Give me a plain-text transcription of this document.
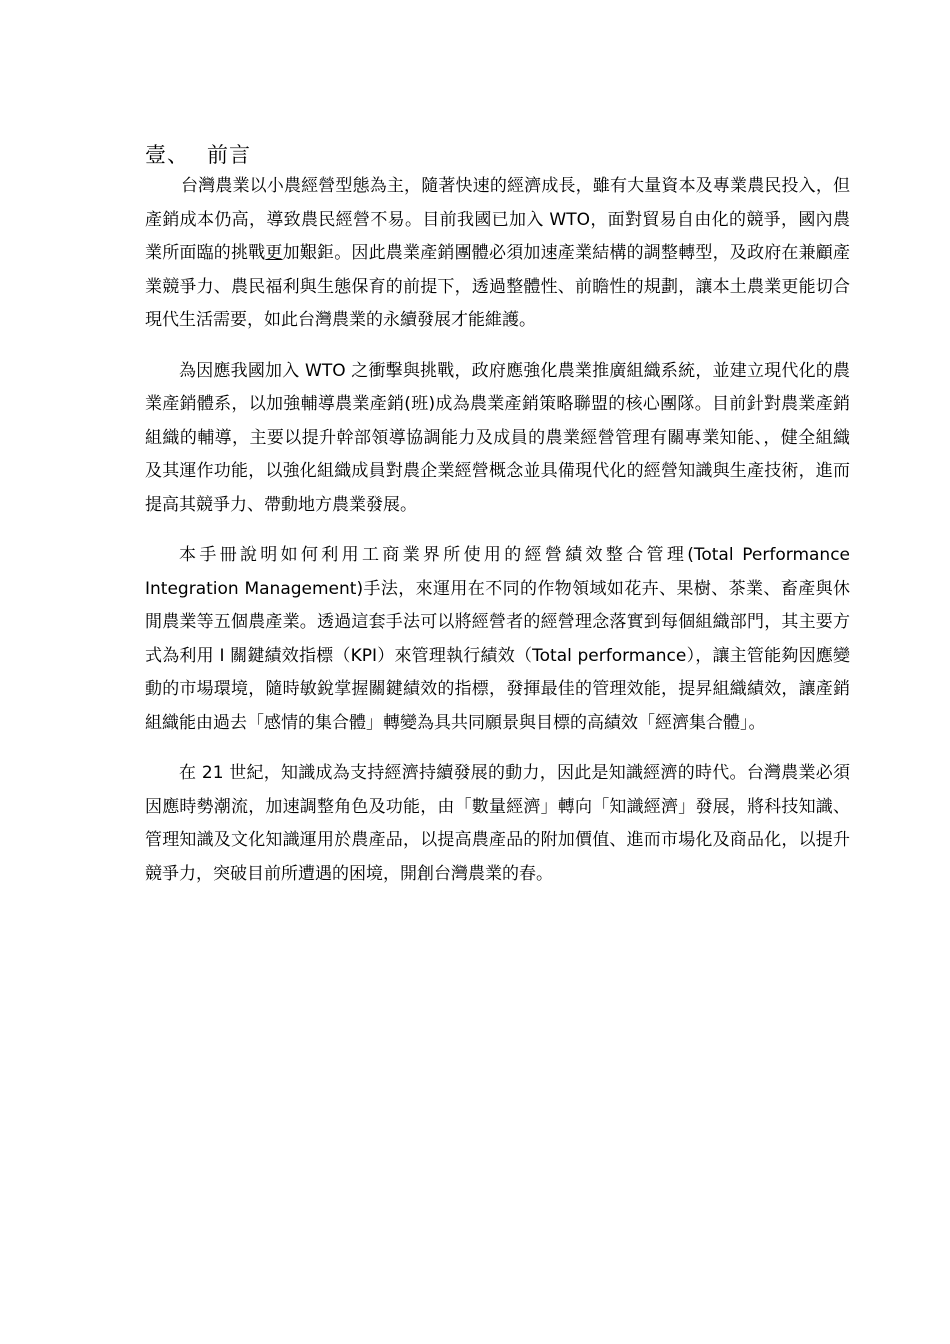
壹、 前言

台灣農業以小農經營型態為主，隨著快速的經濟成長，雖有大量資本及專業農民投入，但產銷成本仍高，導致農民經營不易。目前我國已加入 WTO，面對貿易自由化的競爭，國內農業所面臨的挑戰更加艱鉅。因此農業產銷團體必須加速產業結構的調整轉型，及政府在兼顧產業競爭力、農民福利與生態保育的前提下，透過整體性、前瞻性的規劃，讓本土農業更能切合現代生活需要，如此台灣農業的永續發展才能維護。

為因應我國加入 WTO 之衝擊與挑戰，政府應強化農業推廣組織系統，並建立現代化的農業產銷體系，以加強輔導農業產銷(班)成為農業產銷策略聯盟的核心團隊。目前針對農業產銷組織的輔導，主要以提升幹部領導協調能力及成員的農業經營管理有關專業知能、，健全組織及其運作功能，以強化組織成員對農企業經營概念並具備現代化的經營知識與生產技術，進而提高其競爭力、帶動地方農業發展。

本手冊說明如何利用工商業界所使用的經營績效整合管理(Total Performance Integration Management)手法，來運用在不同的作物領域如花卉、果樹、茶業、畜產與休閒農業等五個農產業。透過這套手法可以將經營者的經營理念落實到每個組織部門，其主要方式為利用 I 關鍵績效指標（KPI）來管理執行績效（Total performance），讓主管能夠因應變動的市場環境，隨時敏銳掌握關鍵績效的指標，發揮最佳的管理效能，提昇組織績效，讓產銷組織能由過去「感情的集合體」轉變為具共同願景與目標的高績效「經濟集合體」。

在 21 世紀，知識成為支持經濟持續發展的動力，因此是知識經濟的時代。台灣農業必須因應時勢潮流，加速調整角色及功能，由「數量經濟」轉向「知識經濟」發展，將科技知識、管理知識及文化知識運用於農產品，以提高農產品的附加價值、進而市場化及商品化，以提升競爭力，突破目前所遭遇的困境，開創台灣農業的春。
